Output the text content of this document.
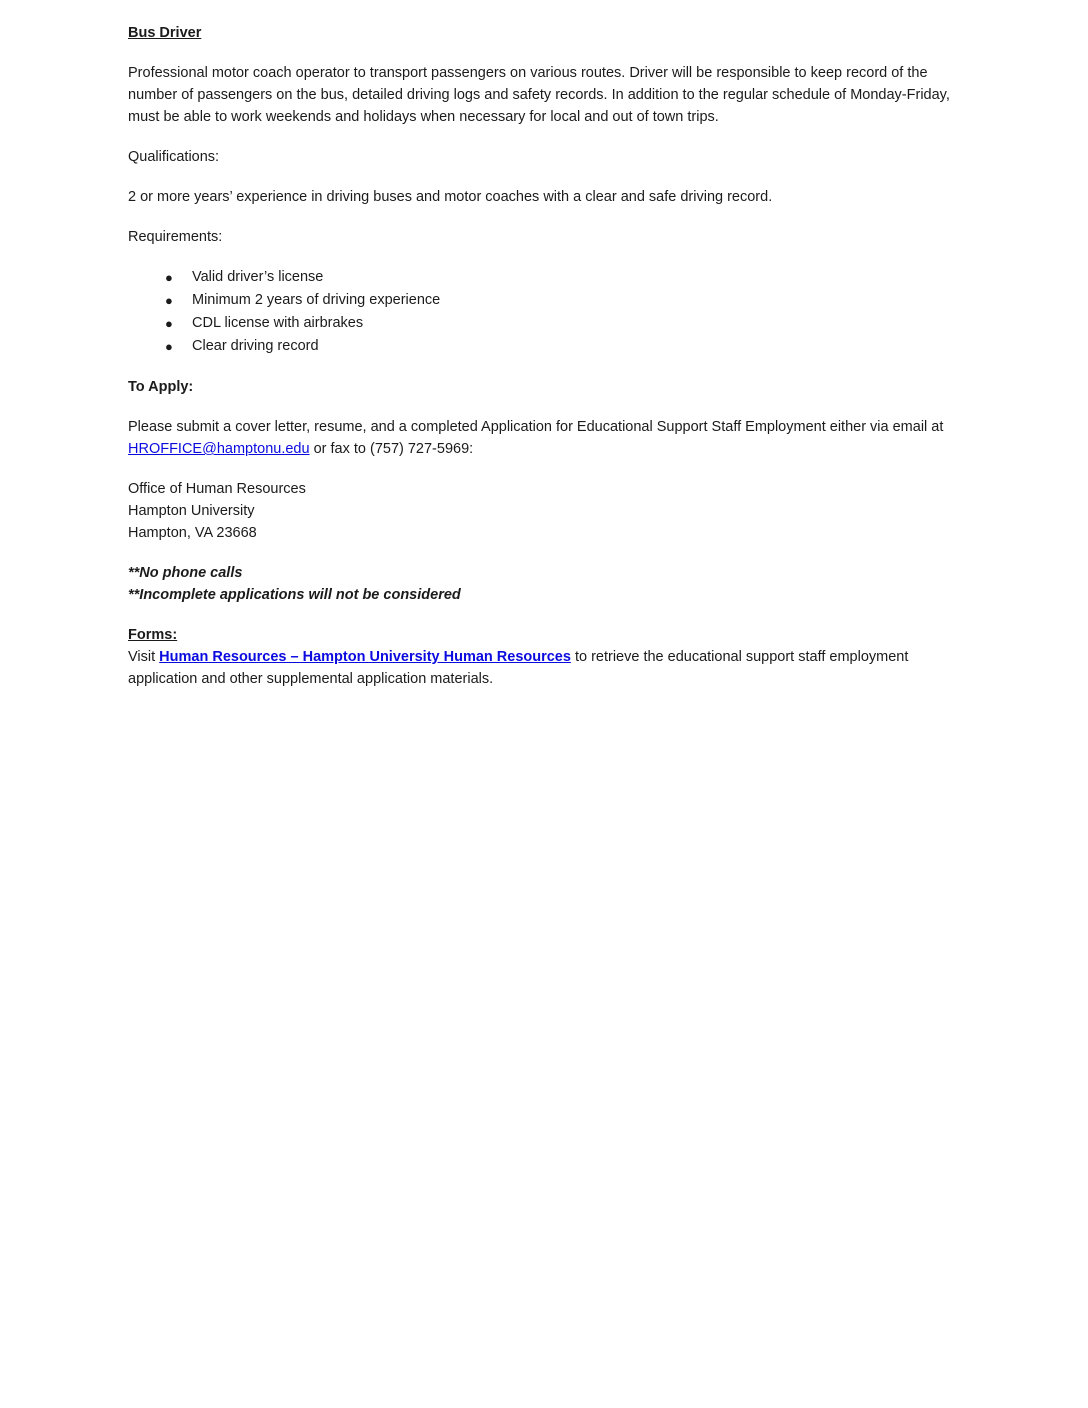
Bus Driver

Professional motor coach operator to transport passengers on various routes. Driver will be responsible to keep record of the number of passengers on the bus, detailed driving logs and safety records. In addition to the regular schedule of Monday-Friday, must be able to work weekends and holidays when necessary for local and out of town trips.

Qualifications:

2 or more years’ experience in driving buses and motor coaches with a clear and safe driving record.

Requirements:

● Valid driver’s license
● Minimum 2 years of driving experience
● CDL license with airbrakes
● Clear driving record

To Apply:

Please submit a cover letter, resume, and a completed Application for Educational Support Staff Employment either via email at HROFFICE@hamptonu.edu or fax to (757) 727-5969:

Office of Human Resources
Hampton University
Hampton, VA 23668

**No phone calls
**Incomplete applications will not be considered

Forms:

Visit Human Resources – Hampton University Human Resources to retrieve the educational support staff employment application and other supplemental application materials.
